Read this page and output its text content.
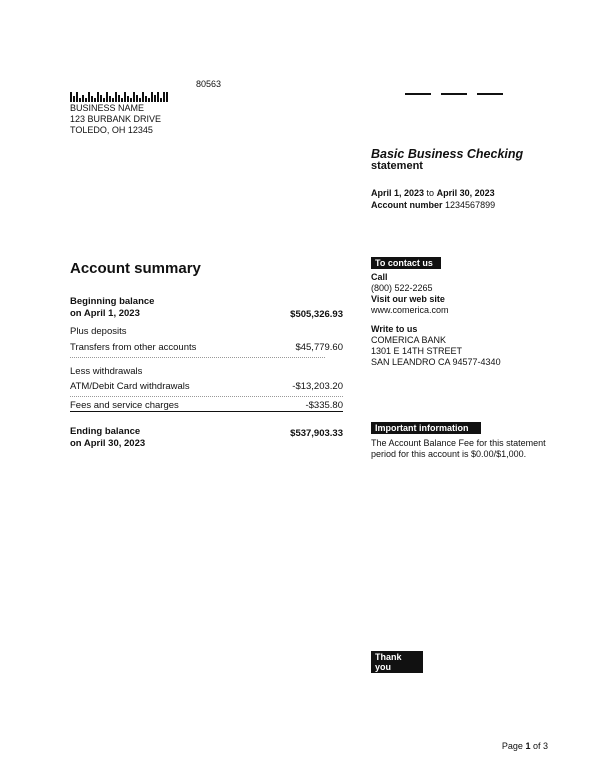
80563
BUSINESS NAME
123 BURBANK DRIVE
TOLEDO, OH 12345
Basic Business Checking
statement
April 1, 2023 to April 30, 2023
Account number 1234567899
Account summary
Beginning balance
on April 1, 2023	$505,326.93
Plus deposits
Transfers from other accounts	$45,779.60
Less withdrawals
ATM/Debit Card withdrawals	-$13,203.20
Fees and service charges	-$335.80
Ending balance
on April 30, 2023
$537,903.33
To contact us
Call
(800) 522-2265
Visit our web site
www.comerica.com
Write to us
COMERICA BANK
1301 E 14TH STREET
SAN LEANDRO CA 94577-4340
Important information
The Account Balance Fee for this statement
period for this account is $0.00/$1,000.
Thank you
Page 1 of 3
